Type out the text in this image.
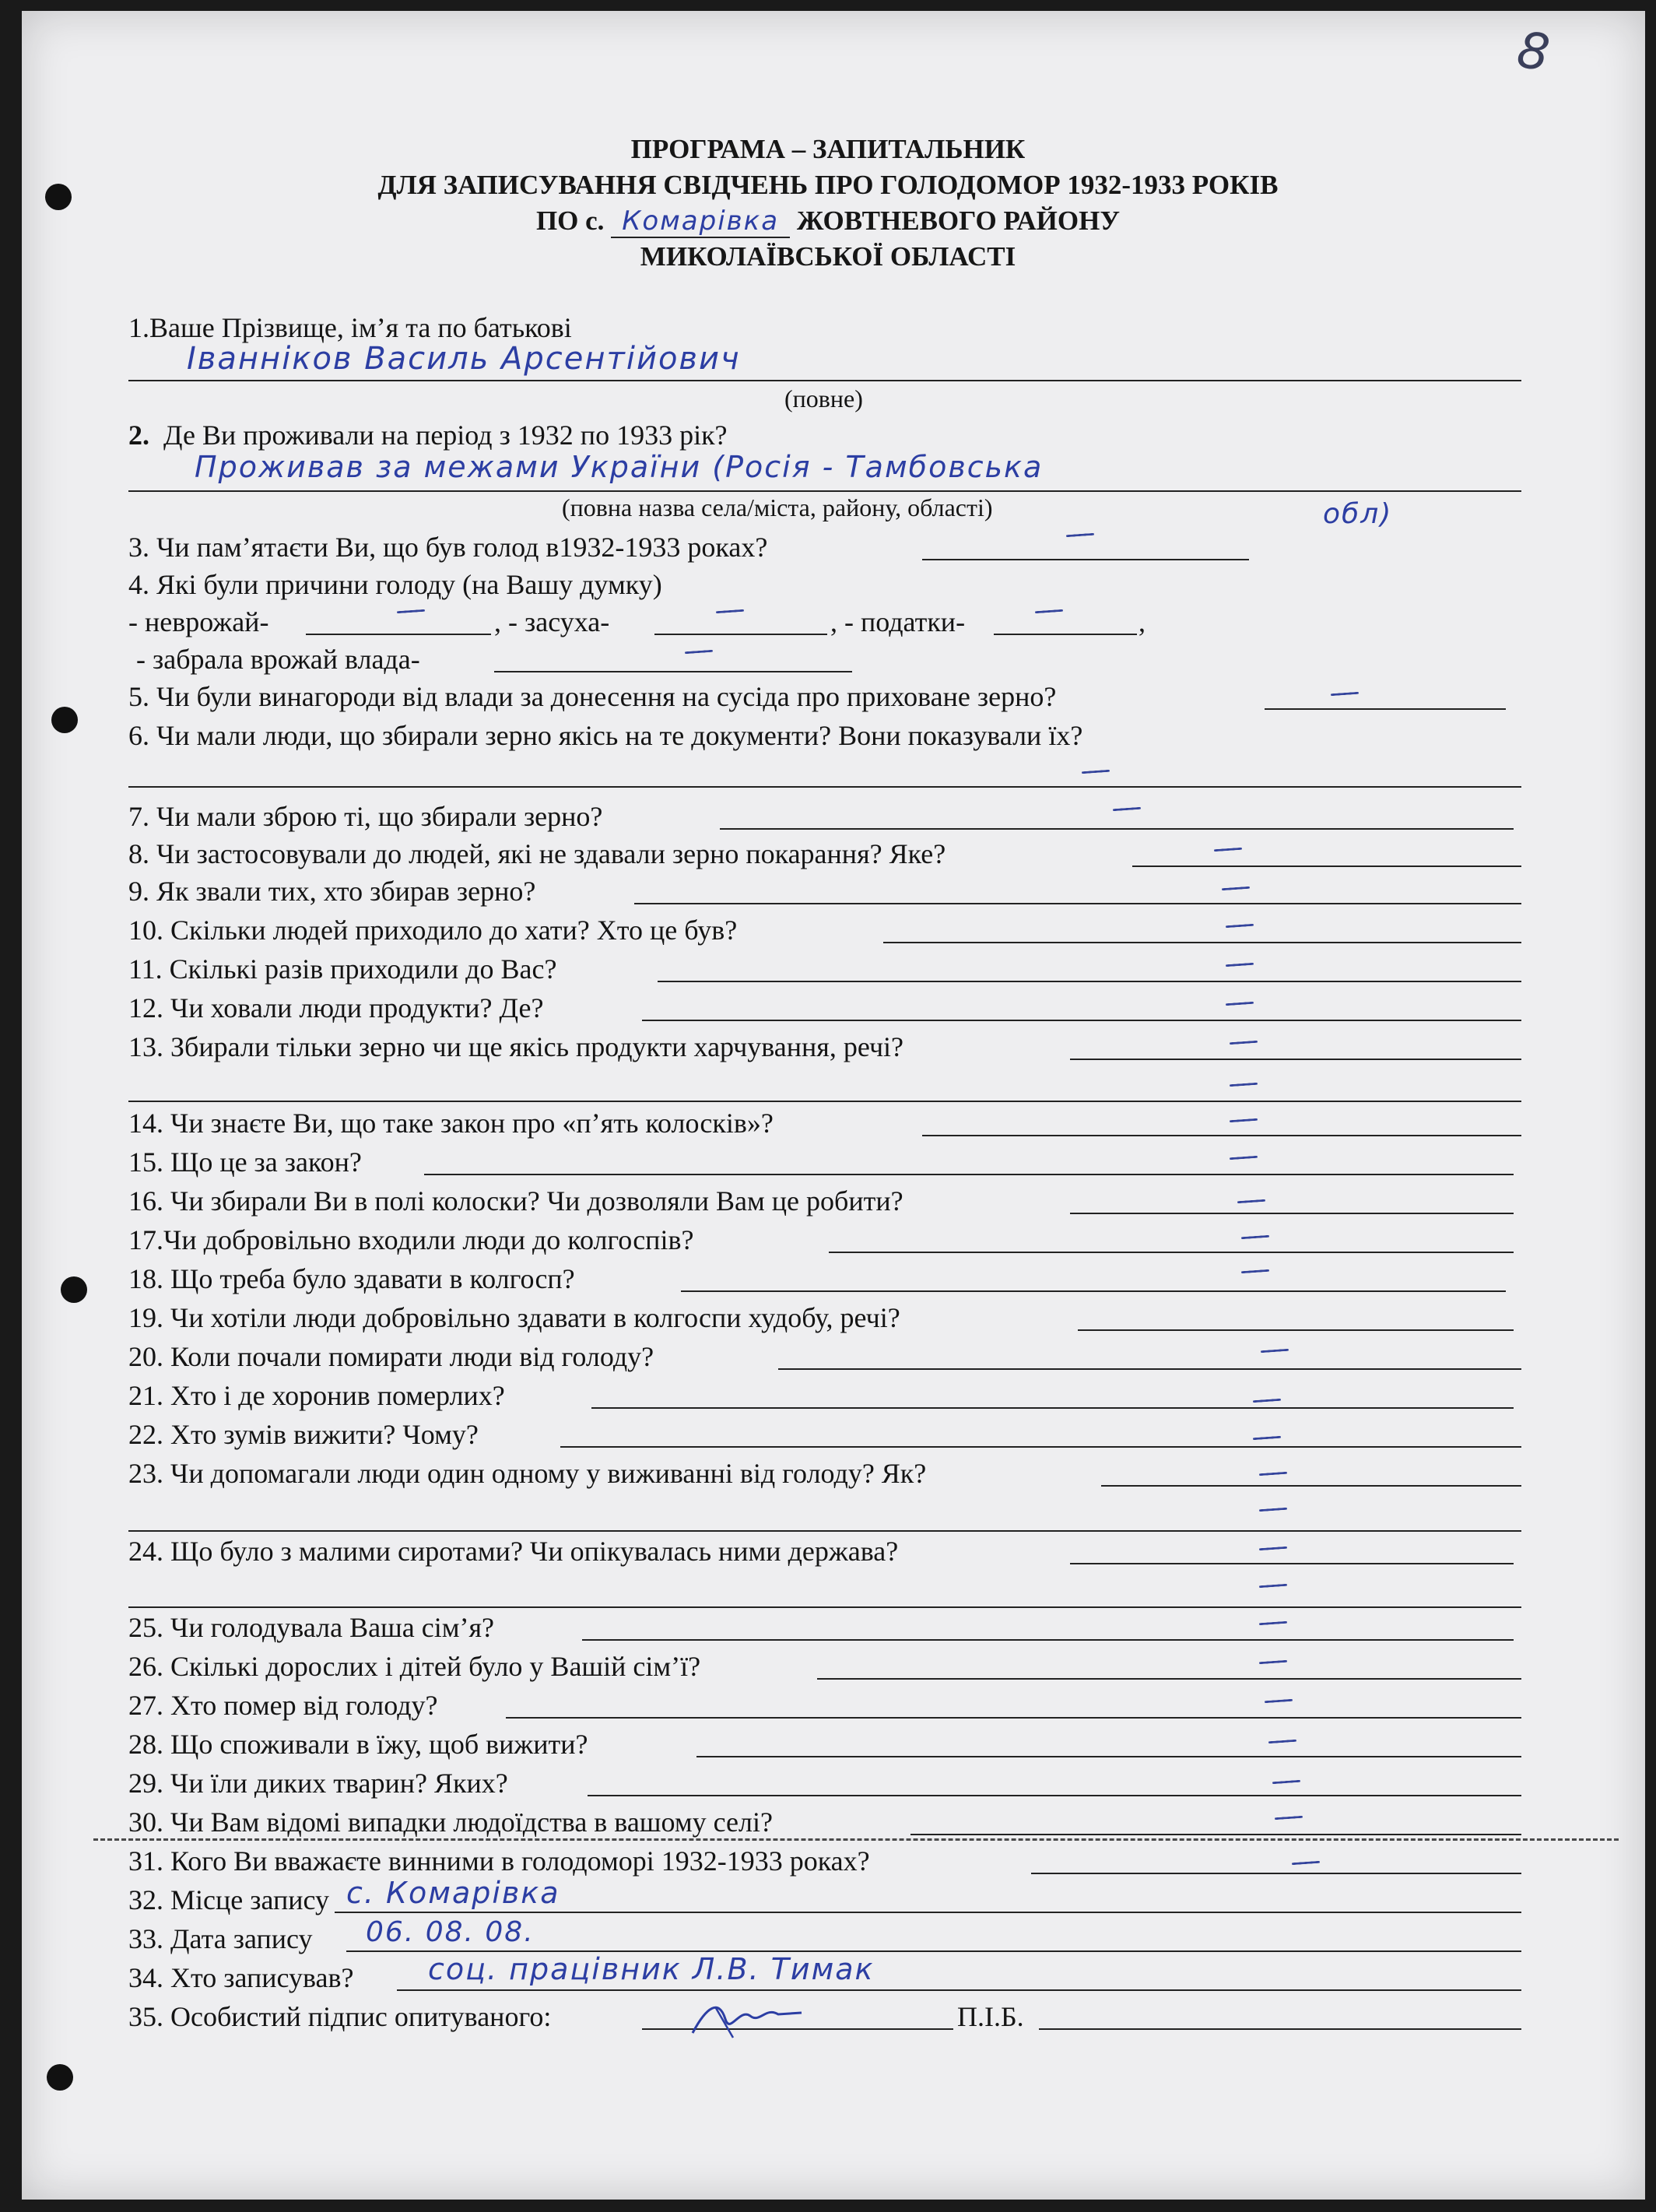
8
ПРОГРАМА – ЗАПИТАЛЬНИК
ДЛЯ ЗАПИСУВАННЯ СВІДЧЕНЬ ПРО ГОЛОДОМОР 1932-1933 РОКІВ
ПО с. Комарівка ЖОВТНЕВОГО РАЙОНУ
МИКОЛАЇВСЬКОЇ ОБЛАСТІ
1.Ваше Прізвище, ім’я та по батькові
Іванніков Василь Арсентійович
(повне)
2. Де Ви проживали на період з 1932 по 1933 рік?
Проживав за межами України (Росія - Тамбовська
(повна назва села/міста, району, області)	обл)
3. Чи пам’ятаєти Ви, що був голод в1932-1933 роках?
4. Які були причини голоду (на Вашу думку)
- неврожай-	, - засуха-	, - податки-	,
- забрала врожай влада-
5. Чи були винагороди від влади за донесення на сусіда про приховане зерно?
6. Чи мали люди, що збирали зерно якісь на те документи? Вони показували їх?
7. Чи мали зброю ті, що збирали зерно?
8. Чи застосовували до людей, які не здавали зерно покарання? Яке?
9. Як звали тих, хто збирав зерно?
10. Скільки людей приходило до хати? Хто це був?
11. Скількі разів приходили до Вас?
12. Чи ховали люди продукти? Де?
13. Збирали тільки зерно чи ще якісь продукти харчування, речі?
14. Чи знаєте Ви, що таке закон про «п’ять колосків»?
15. Що це за закон?
16. Чи збирали Ви в полі колоски? Чи дозволяли Вам це робити?
17.Чи добровільно входили люди до колгоспів?
18. Що треба було здавати в колгосп?
19. Чи хотіли люди добровільно здавати в колгоспи худобу, речі?
20. Коли почали помирати люди від голоду?
21. Хто і де хоронив померлих?
22. Хто зумів вижити? Чому?
23. Чи допомагали люди один одному у виживанні від голоду? Як?
24. Що було з малими сиротами? Чи опікувалась ними держава?
25. Чи голодувала Ваша сім’я?
26. Скількі дорослих і дітей було у Вашій сім’ї?
27. Хто помер від голоду?
28. Що споживали в їжу, щоб вижити?
29. Чи їли диких тварин? Яких?
30. Чи Вам відомі випадки людоїдства в вашому селі?
31. Кого Ви вважаєте винними в голодоморі 1932-1933 роках?
32. Місце запису с. Комарівка
33. Дата запису 06. 08. 08.
34. Хто записував?	соц. працівник Л.В. Тимак
35. Особистий підпис опитуваного:	П.І.Б.
